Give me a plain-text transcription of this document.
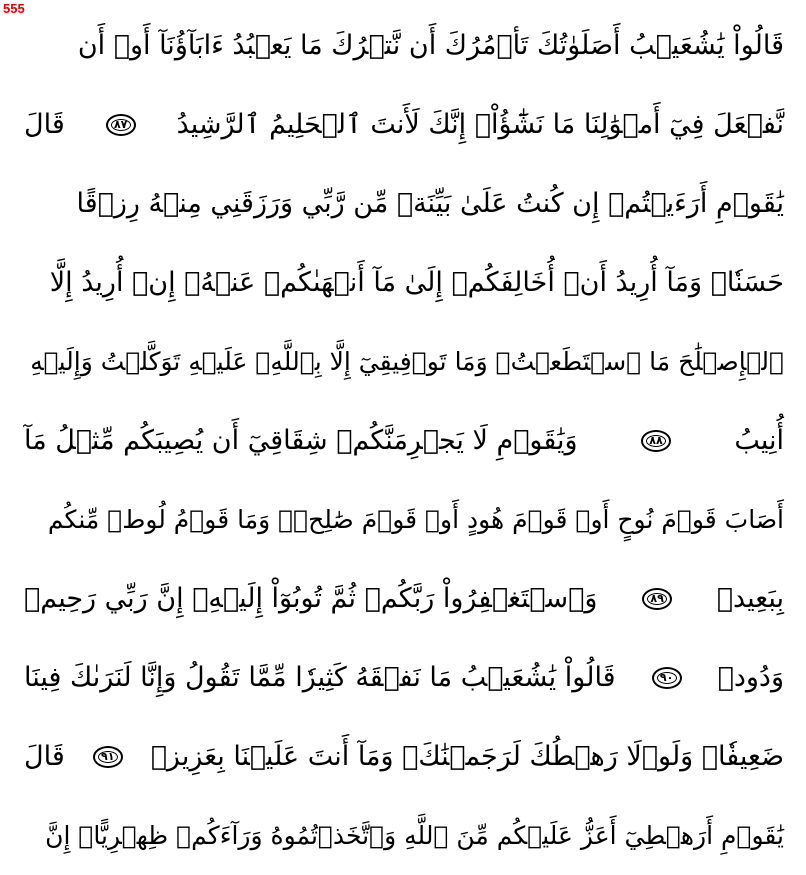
555
قَالُواْ يَٰشُعَيۡبُ أَصَلَوٰتُكَ تَأۡمُرُكَ أَن نَّتۡرُكَ مَا يَعۡبُدُ ءَابَآؤُنَآ أَوۡ أَن
نَّفۡعَلَ فِيٓ أَمۡوَٰلِنَا مَا نَشَٰٓؤُاْۖ إِنَّكَ لَأَنتَ ٱلۡحَلِيمُ ٱلرَّشِيدُ
٨٧
قَالَ
يَٰقَوۡمِ أَرَءَيۡتُمۡ إِن كُنتُ عَلَىٰ بَيِّنَةٖ مِّن رَّبِّي وَرَزَقَنِي مِنۡهُ رِزۡقًا
حَسَنٗاۚ وَمَآ أُرِيدُ أَنۡ أُخَالِفَكُمۡ إِلَىٰ مَآ أَنۡهَىٰكُمۡ عَنۡهُۚ إِنۡ أُرِيدُ إِلَّا
ٱلۡإِصۡلَٰحَ مَا ٱسۡتَطَعۡتُۚ وَمَا تَوۡفِيقِيٓ إِلَّا بِٱللَّهِۚ عَلَيۡهِ تَوَكَّلۡتُ وَإِلَيۡهِ
أُنِيبُ
٨٨
وَيَٰقَوۡمِ لَا يَجۡرِمَنَّكُمۡ شِقَاقِيٓ أَن يُصِيبَكُم مِّثۡلُ مَآ
أَصَابَ قَوۡمَ نُوحٍ أَوۡ قَوۡمَ هُودٍ أَوۡ قَوۡمَ صَٰلِحٖۚ وَمَا قَوۡمُ لُوطٖ مِّنكُم
بِبَعِيدٖ
٨٩
وَٱسۡتَغۡفِرُواْ رَبَّكُمۡ ثُمَّ تُوبُوٓاْ إِلَيۡهِۚ إِنَّ رَبِّي رَحِيمٞ
وَدُودٞ
٩٠
قَالُواْ يَٰشُعَيۡبُ مَا نَفۡقَهُ كَثِيرٗا مِّمَّا تَقُولُ وَإِنَّا لَنَرَىٰكَ فِينَا
ضَعِيفٗاۖ وَلَوۡلَا رَهۡطُكَ لَرَجَمۡنَٰكَۖ وَمَآ أَنتَ عَلَيۡنَا بِعَزِيزٖ
٩١
قَالَ
يَٰقَوۡمِ أَرَهۡطِيٓ أَعَزُّ عَلَيۡكُم مِّنَ ٱللَّهِ وَٱتَّخَذۡتُمُوهُ وَرَآءَكُمۡ ظِهۡرِيًّاۖ إِنَّ
